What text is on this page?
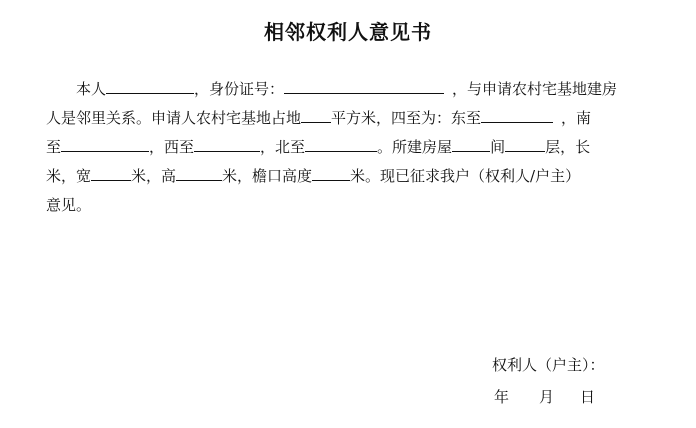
相邻权利人意见书
本人	，身份证号：	，与申请农村宅基地建房
人是邻里关系。申请人农村宅基地占地 平方米，四至为：东至	，南
至	，西至	，北至	。所建房屋	间	层，长
米，宽	米，高	米，檐口高度	米。现已征求我户（权利人/户主）
意见。
权利人（户主）：
年 月 日
